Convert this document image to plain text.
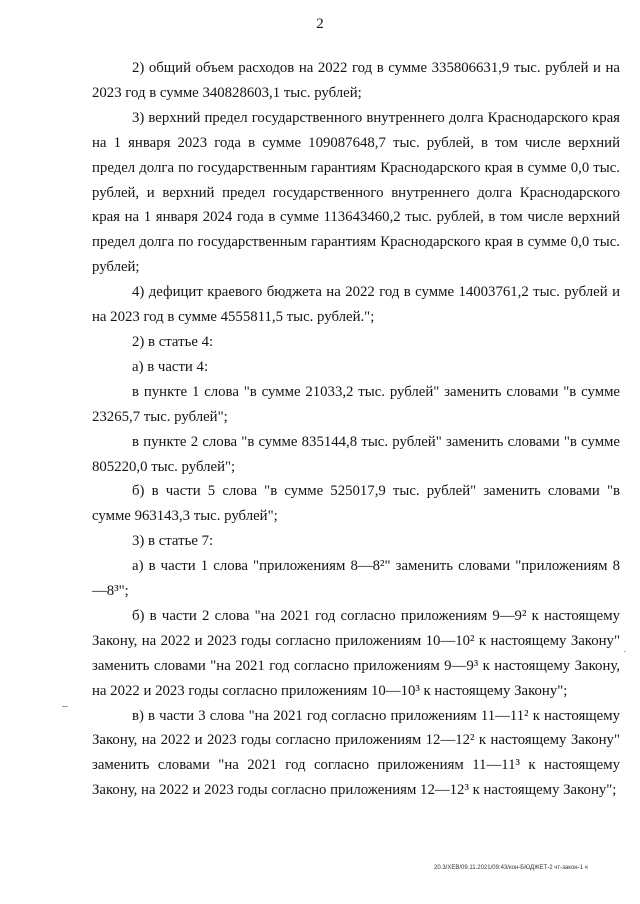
2

2) общий объем расходов на 2022 год в сумме 335806631,9 тыс. рублей и на 2023 год в сумме 340828603,1 тыс. рублей;

3) верхний предел государственного внутреннего долга Краснодарского края на 1 января 2023 года в сумме 109087648,7 тыс. рублей, в том числе верхний предел долга по государственным гарантиям Краснодарского края в сумме 0,0 тыс. рублей, и верхний предел государственного внутреннего долга Краснодарского края на 1 января 2024 года в сумме 113643460,2 тыс. рублей, в том числе верхний предел долга по государственным гарантиям Краснодарского края в сумме 0,0 тыс. рублей;

4) дефицит краевого бюджета на 2022 год в сумме 14003761,2 тыс. рублей и на 2023 год в сумме 4555811,5 тыс. рублей.";

2) в статье 4:

а) в части 4:

в пункте 1 слова "в сумме 21033,2 тыс. рублей" заменить словами "в сумме 23265,7 тыс. рублей";

в пункте 2 слова "в сумме 835144,8 тыс. рублей" заменить словами "в сумме 805220,0 тыс. рублей";

б) в части 5 слова "в сумме 525017,9 тыс. рублей" заменить словами "в сумме 963143,3 тыс. рублей";

3) в статье 7:

а) в части 1 слова "приложениям 8—8²" заменить словами "приложениям 8—8³";

б) в части 2 слова "на 2021 год согласно приложениям 9—9² к настоящему Закону, на 2022 и 2023 годы согласно приложениям 10—10² к настоящему Закону" заменить словами "на 2021 год согласно приложениям 9—9³ к настоящему Закону, на 2022 и 2023 годы согласно приложениям 10—10³ к настоящему Закону";

в) в части 3 слова "на 2021 год согласно приложениям 11—11² к настоящему Закону, на 2022 и 2023 годы согласно приложениям 12—12² к настоящему Закону" заменить словами "на 2021 год согласно приложениям 11—11³ к настоящему Закону, на 2022 и 2023 годы согласно приложениям 12—12³ к настоящему Закону";

20.3/ХЕВ/09.11.2021/09:43/кон-БЮДЖЕТ-2 чт-закон-1 ч
